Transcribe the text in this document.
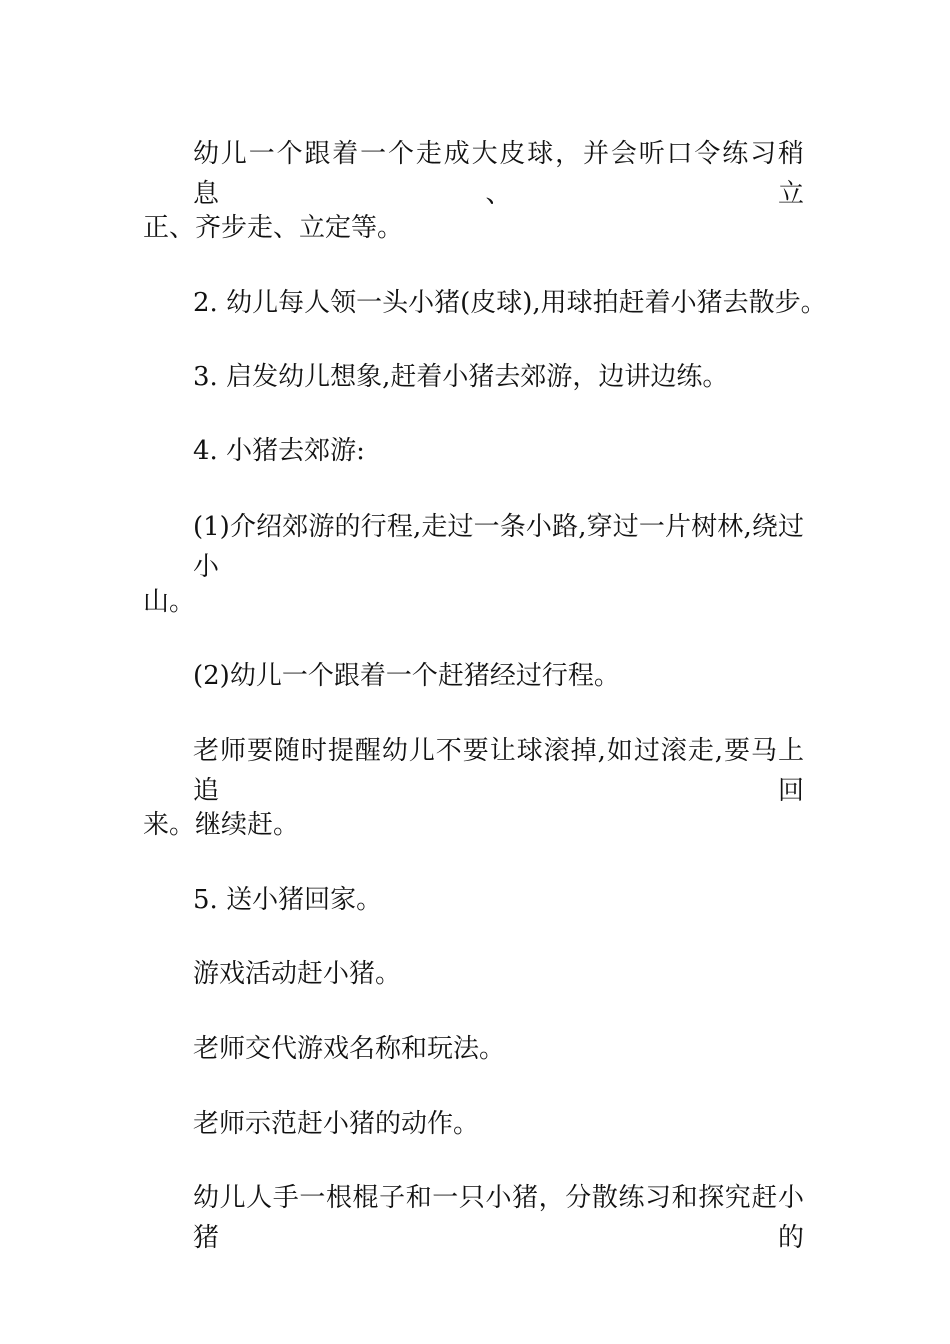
幼儿一个跟着一个走成大皮球，并会听口令练习稍息、立
正、齐步走、立定等。
2. 幼儿每人领一头小猪(皮球),用球拍赶着小猪去散步。
3. 启发幼儿想象,赶着小猪去郊游，边讲边练。
4. 小猪去郊游:
(1)介绍郊游的行程,走过一条小路,穿过一片树林,绕过小
山。
(2)幼儿一个跟着一个赶猪经过行程。
老师要随时提醒幼儿不要让球滚掉,如过滚走,要马上追回
来。继续赶。
5. 送小猪回家。
游戏活动赶小猪。
老师交代游戏名称和玩法。
老师示范赶小猪的动作。
幼儿人手一根棍子和一只小猪，分散练习和探究赶小猪的
